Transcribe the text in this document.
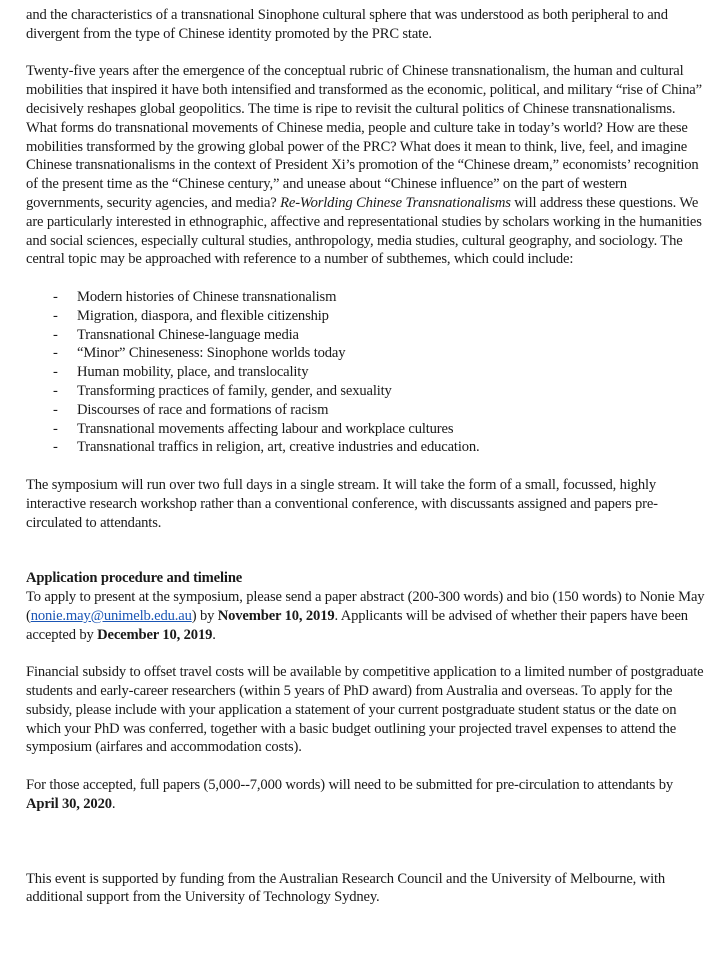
and the characteristics of a transnational Sinophone cultural sphere that was understood as both peripheral to and divergent from the type of Chinese identity promoted by the PRC state.

Twenty-five years after the emergence of the conceptual rubric of Chinese transnationalism, the human and cultural mobilities that inspired it have both intensified and transformed as the economic, political, and military “rise of China” decisively reshapes global geopolitics. The time is ripe to revisit the cultural politics of Chinese transnationalisms. What forms do transnational movements of Chinese media, people and culture take in today’s world? How are these mobilities transformed by the growing global power of the PRC? What does it mean to think, live, feel, and imagine Chinese transnationalisms in the context of President Xi’s promotion of the “Chinese dream,” economists’ recognition of the present time as the “Chinese century,” and unease about “Chinese influence” on the part of western governments, security agencies, and media? Re-Worlding Chinese Transnationalisms will address these questions. We are particularly interested in ethnographic, affective and representational studies by scholars working in the humanities and social sciences, especially cultural studies, anthropology, media studies, cultural geography, and sociology. The central topic may be approached with reference to a number of subthemes, which could include:

- Modern histories of Chinese transnationalism
- Migration, diaspora, and flexible citizenship
- Transnational Chinese-language media
- “Minor” Chineseness: Sinophone worlds today
- Human mobility, place, and translocality
- Transforming practices of family, gender, and sexuality
- Discourses of race and formations of racism
- Transnational movements affecting labour and workplace cultures
- Transnational traffics in religion, art, creative industries and education.

The symposium will run over two full days in a single stream. It will take the form of a small, focussed, highly interactive research workshop rather than a conventional conference, with discussants assigned and papers pre-circulated to attendants.

Application procedure and timeline

To apply to present at the symposium, please send a paper abstract (200-300 words) and bio (150 words) to Nonie May (nonie.may@unimelb.edu.au) by November 10, 2019. Applicants will be advised of whether their papers have been accepted by December 10, 2019.

Financial subsidy to offset travel costs will be available by competitive application to a limited number of postgraduate students and early-career researchers (within 5 years of PhD award) from Australia and overseas. To apply for the subsidy, please include with your application a statement of your current postgraduate student status or the date on which your PhD was conferred, together with a basic budget outlining your projected travel expenses to attend the symposium (airfares and accommodation costs).

For those accepted, full papers (5,000--7,000 words) will need to be submitted for pre-circulation to attendants by April 30, 2020.

This event is supported by funding from the Australian Research Council and the University of Melbourne, with additional support from the University of Technology Sydney.
